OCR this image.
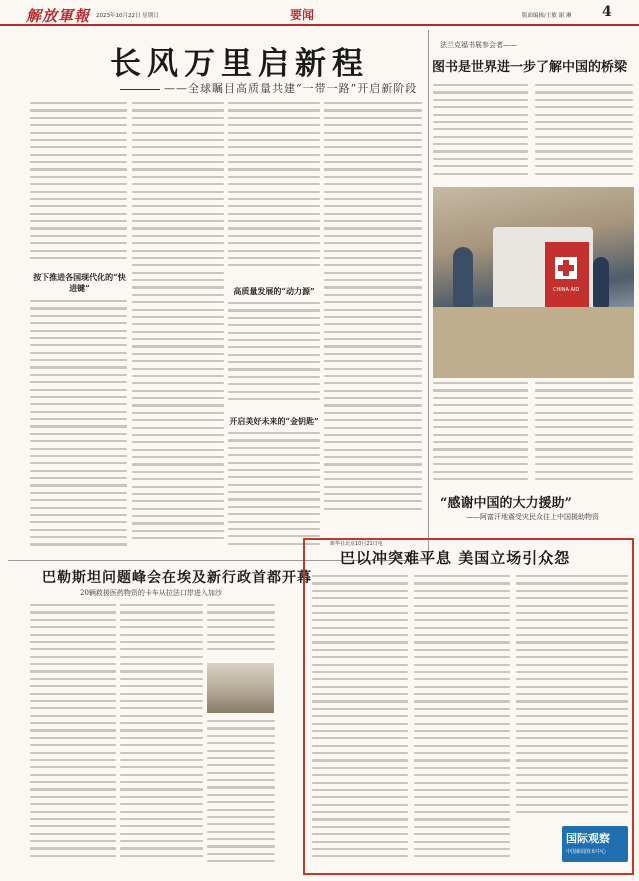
解放軍報 2023年10月22日 星期日	要闻	版面编辑/王敏 谢 琳 4
长风万里启新程
——全球瞩目高质量共建“一带一路”开启新阶段
按下推进各国现代化的“快进键”	高质量发展的“动力源”
开启美好未来的“金钥匙”
新华社北京10月21日电
法兰克福书展参会者——
图书是世界进一步了解中国的桥梁
CHINA AID
“感谢中国的大力援助”
——阿富汗地震受灾民众往上中国援助物资
巴勒斯坦问题峰会在埃及新行政首都开幕
20辆救援医药物资的卡车从拉法口岸进入加沙
巴以冲突难平息 美国立场引众怨
国际观察
中国新闻发布中心
